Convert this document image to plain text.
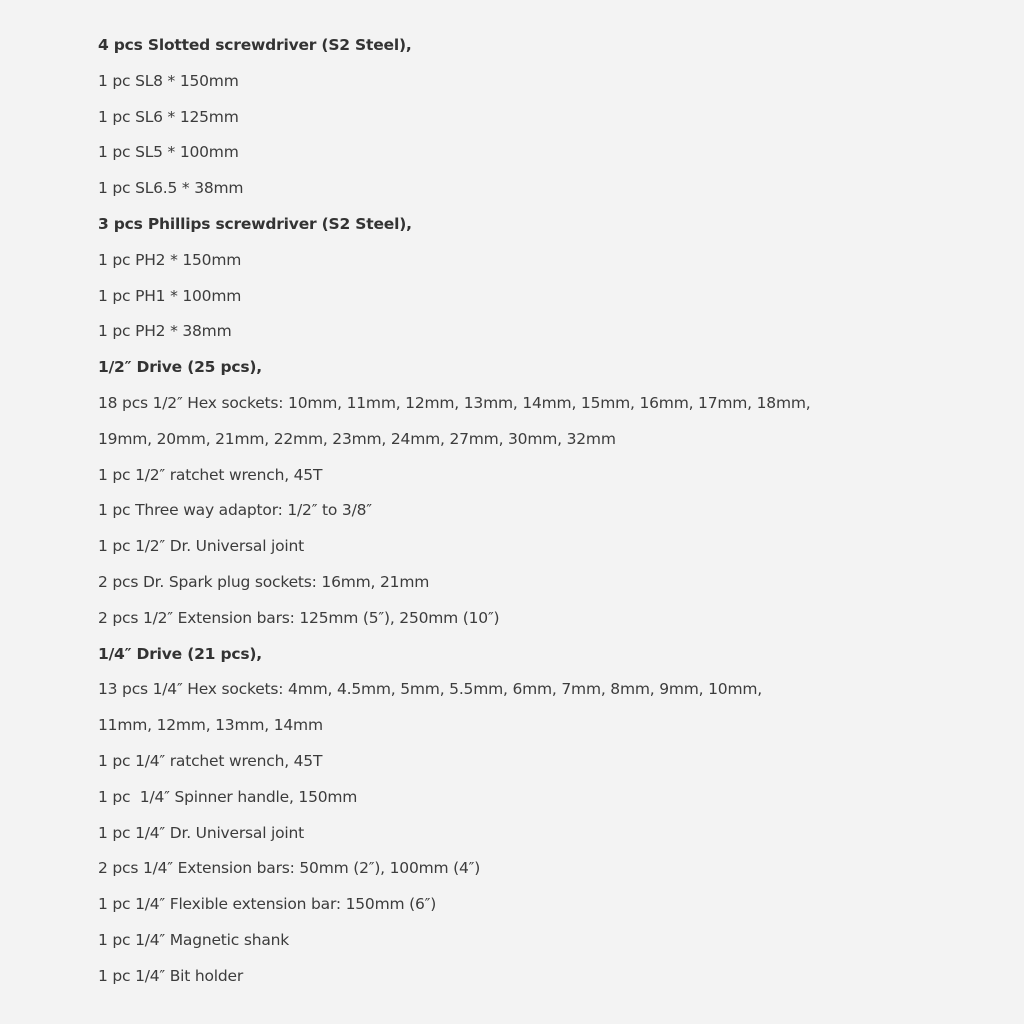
4 pcs Slotted screwdriver (S2 Steel),
1 pc SL8 * 150mm
1 pc SL6 * 125mm
1 pc SL5 * 100mm
1 pc SL6.5 * 38mm
3 pcs Phillips screwdriver (S2 Steel),
1 pc PH2 * 150mm
1 pc PH1 * 100mm
1 pc PH2 * 38mm
1/2″ Drive (25 pcs),
18 pcs 1/2″ Hex sockets: 10mm, 11mm, 12mm, 13mm, 14mm, 15mm, 16mm, 17mm, 18mm,
19mm, 20mm, 21mm, 22mm, 23mm, 24mm, 27mm, 30mm, 32mm
1 pc 1/2″ ratchet wrench, 45T
1 pc Three way adaptor: 1/2″ to 3/8″
1 pc 1/2″ Dr. Universal joint
2 pcs Dr. Spark plug sockets: 16mm, 21mm
2 pcs 1/2″ Extension bars: 125mm (5″), 250mm (10″)
1/4″ Drive (21 pcs),
13 pcs 1/4″ Hex sockets: 4mm, 4.5mm, 5mm, 5.5mm, 6mm, 7mm, 8mm, 9mm, 10mm,
11mm, 12mm, 13mm, 14mm
1 pc 1/4″ ratchet wrench, 45T
1 pc  1/4″ Spinner handle, 150mm
1 pc 1/4″ Dr. Universal joint
2 pcs 1/4″ Extension bars: 50mm (2″), 100mm (4″)
1 pc 1/4″ Flexible extension bar: 150mm (6″)
1 pc 1/4″ Magnetic shank
1 pc 1/4″ Bit holder
